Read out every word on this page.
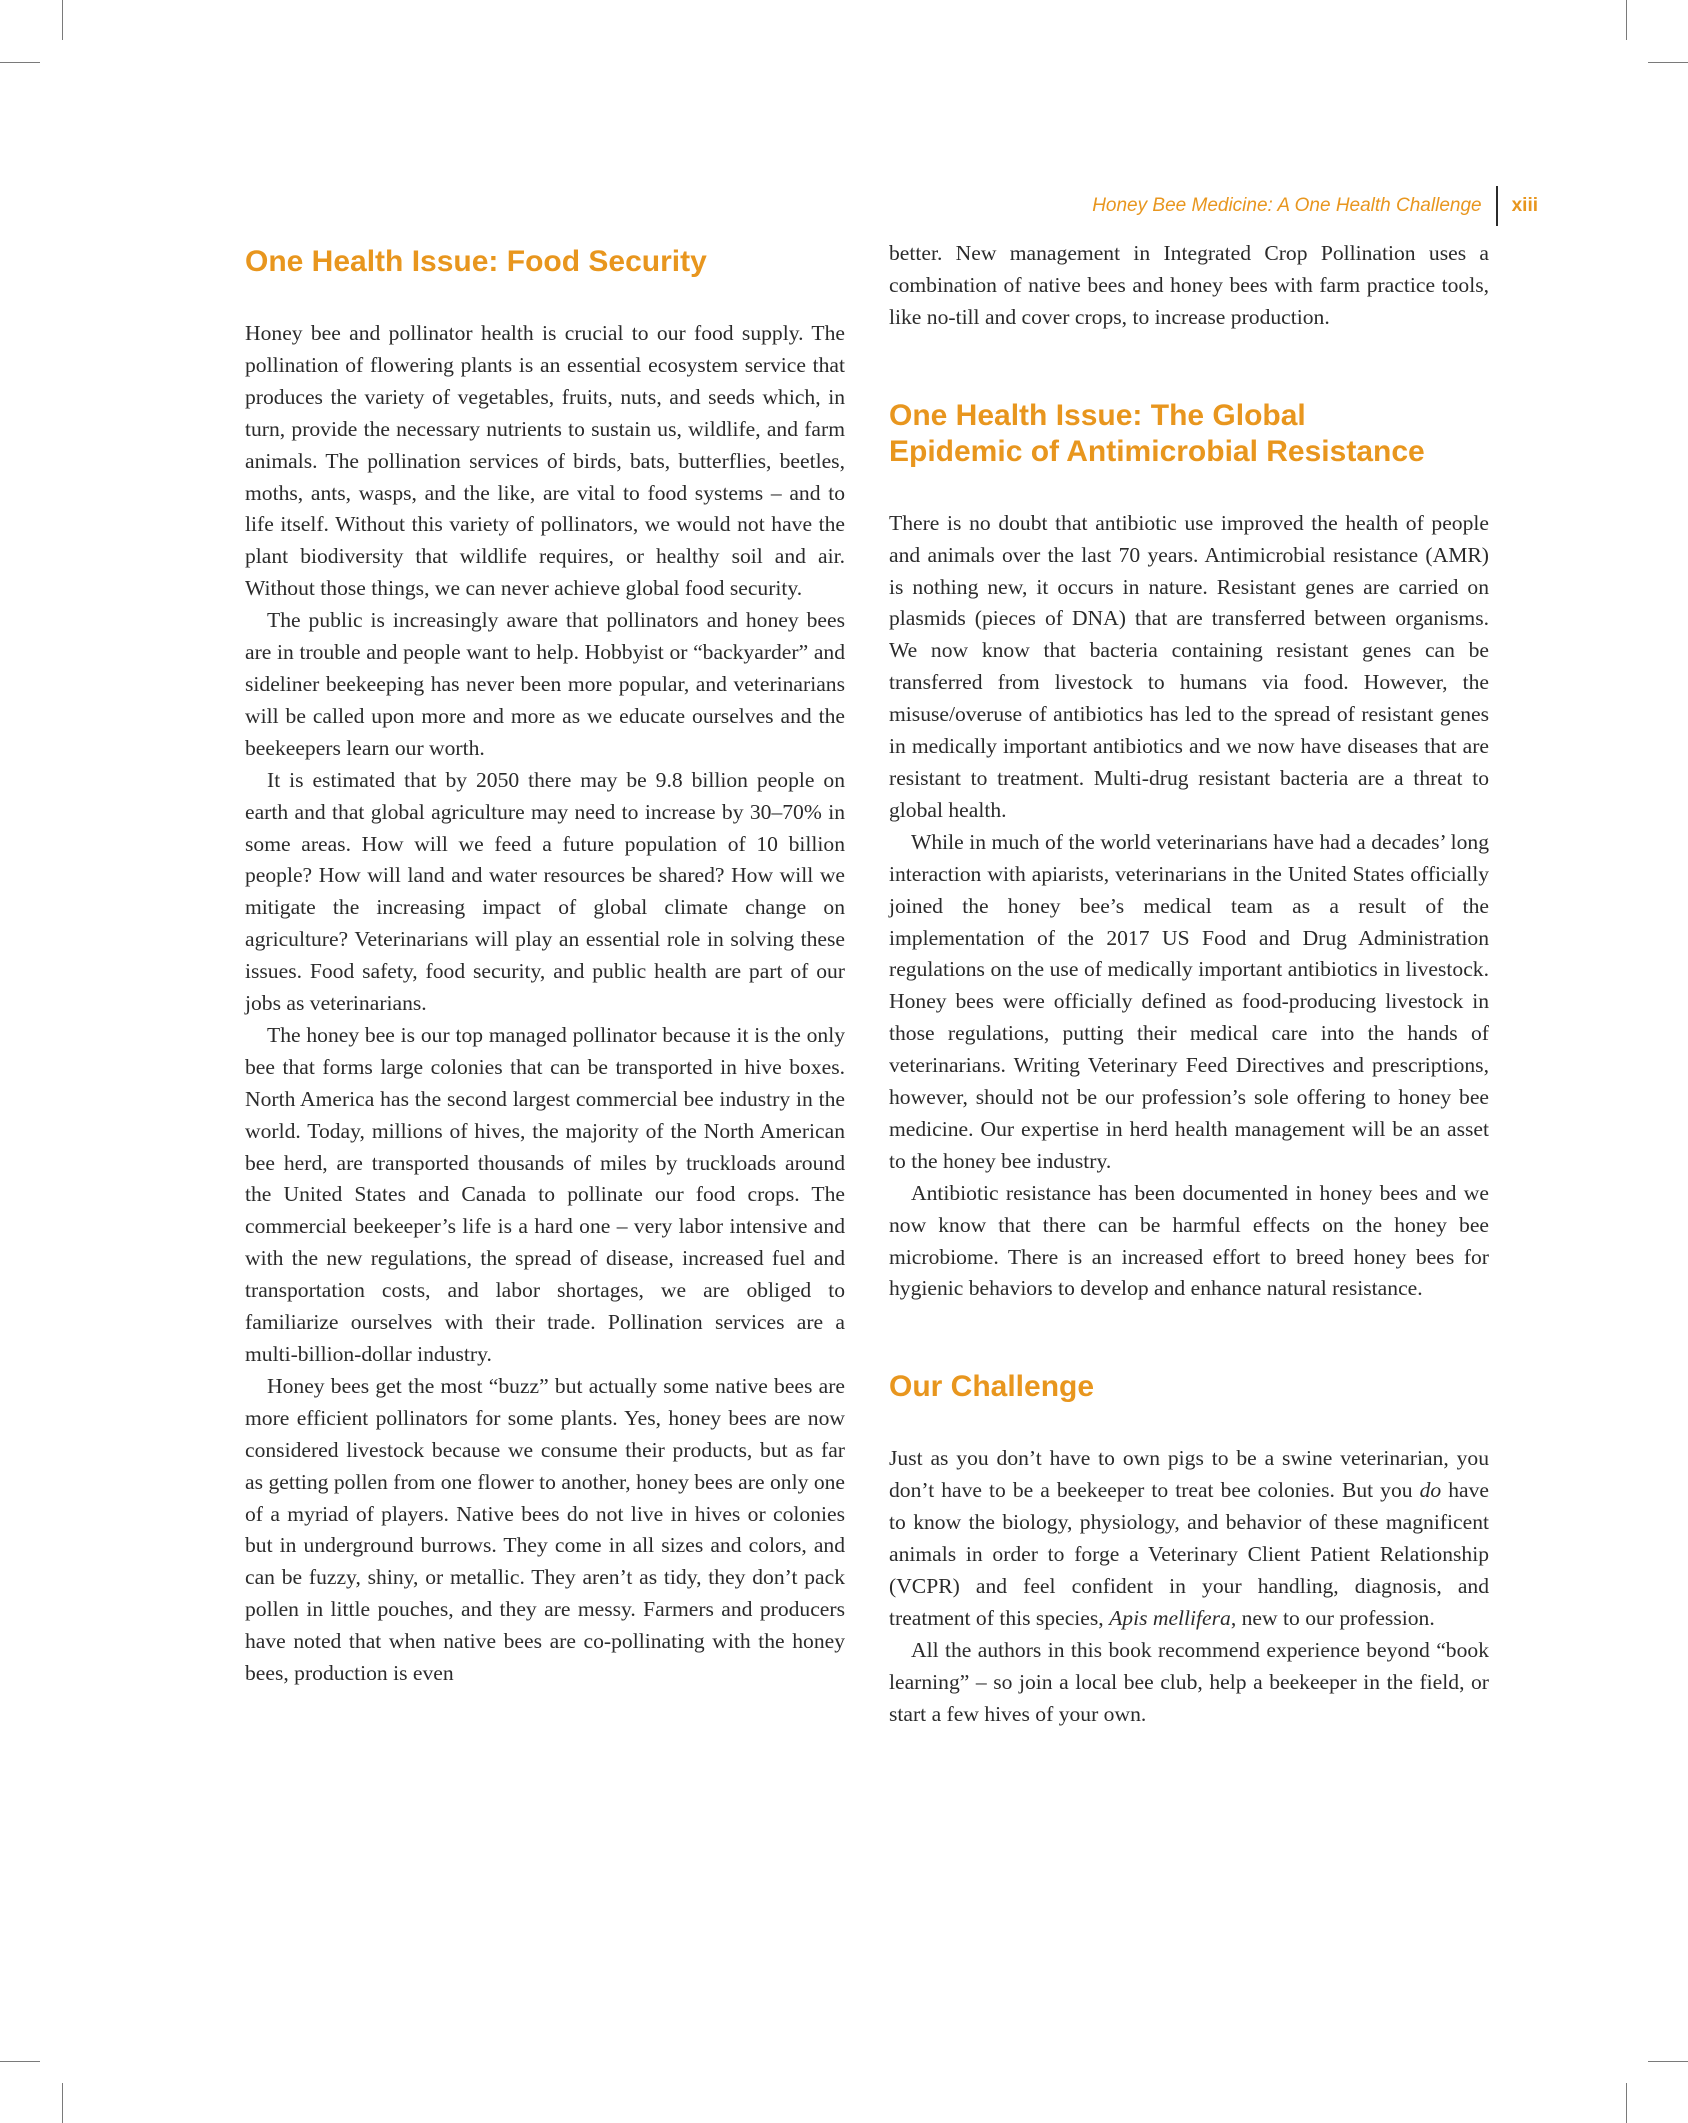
Honey Bee Medicine: A One Health Challenge	xiii
One Health Issue: Food Security

Honey bee and pollinator health is crucial to our food supply. The pollination of flowering plants is an essential ecosystem service that produces the variety of vegetables, fruits, nuts, and seeds which, in turn, provide the necessary nutrients to sustain us, wildlife, and farm animals. The pollination services of birds, bats, butterflies, beetles, moths, ants, wasps, and the like, are vital to food systems – and to life itself. Without this variety of pollinators, we would not have the plant biodiversity that wildlife requires, or healthy soil and air. Without those things, we can never achieve global food security.

The public is increasingly aware that pollinators and honey bees are in trouble and people want to help. Hobbyist or “backyarder” and sideliner beekeeping has never been more popular, and veterinarians will be called upon more and more as we educate ourselves and the beekeepers learn our worth.

It is estimated that by 2050 there may be 9.8 billion people on earth and that global agriculture may need to increase by 30–70% in some areas. How will we feed a future population of 10 billion people? How will land and water resources be shared? How will we mitigate the increasing impact of global climate change on agriculture? Veterinarians will play an essential role in solving these issues. Food safety, food security, and public health are part of our jobs as veterinarians.

The honey bee is our top managed pollinator because it is the only bee that forms large colonies that can be transported in hive boxes. North America has the second largest commercial bee industry in the world. Today, millions of hives, the majority of the North American bee herd, are transported thousands of miles by truckloads around the United States and Canada to pollinate our food crops. The commercial beekeeper’s life is a hard one – very labor intensive and with the new regulations, the spread of disease, increased fuel and transportation costs, and labor shortages, we are obliged to familiarize ourselves with their trade. Pollination services are a multi-billion-dollar industry.

Honey bees get the most “buzz” but actually some native bees are more efficient pollinators for some plants. Yes, honey bees are now considered livestock because we consume their products, but as far as getting pollen from one flower to another, honey bees are only one of a myriad of players. Native bees do not live in hives or colonies but in underground burrows. They come in all sizes and colors, and can be fuzzy, shiny, or metallic. They aren’t as tidy, they don’t pack pollen in little pouches, and they are messy. Farmers and producers have noted that when native bees are co-pollinating with the honey bees, production is even

better. New management in Integrated Crop Pollination uses a combination of native bees and honey bees with farm practice tools, like no-till and cover crops, to increase production.

One Health Issue: The Global
Epidemic of Antimicrobial Resistance

There is no doubt that antibiotic use improved the health of people and animals over the last 70 years. Antimicrobial resistance (AMR) is nothing new, it occurs in nature. Resistant genes are carried on plasmids (pieces of DNA) that are transferred between organisms. We now know that bacteria containing resistant genes can be transferred from livestock to humans via food. However, the misuse/overuse of antibiotics has led to the spread of resistant genes in medically important antibiotics and we now have diseases that are resistant to treatment. Multi-drug resistant bacteria are a threat to global health.

While in much of the world veterinarians have had a decades’ long interaction with apiarists, veterinarians in the United States officially joined the honey bee’s medical team as a result of the implementation of the 2017 US Food and Drug Administration regulations on the use of medically important antibiotics in livestock. Honey bees were officially defined as food-producing livestock in those regulations, putting their medical care into the hands of veterinarians. Writing Veterinary Feed Directives and prescriptions, however, should not be our profession’s sole offering to honey bee medicine. Our expertise in herd health management will be an asset to the honey bee industry.

Antibiotic resistance has been documented in honey bees and we now know that there can be harmful effects on the honey bee microbiome. There is an increased effort to breed honey bees for hygienic behaviors to develop and enhance natural resistance.

Our Challenge

Just as you don’t have to own pigs to be a swine veterinarian, you don’t have to be a beekeeper to treat bee colonies. But you do have to know the biology, physiology, and behavior of these magnificent animals in order to forge a Veterinary Client Patient Relationship (VCPR) and feel confident in your handling, diagnosis, and treatment of this species, Apis mellifera, new to our profession.

All the authors in this book recommend experience beyond “book learning” – so join a local bee club, help a beekeeper in the field, or start a few hives of your own.
